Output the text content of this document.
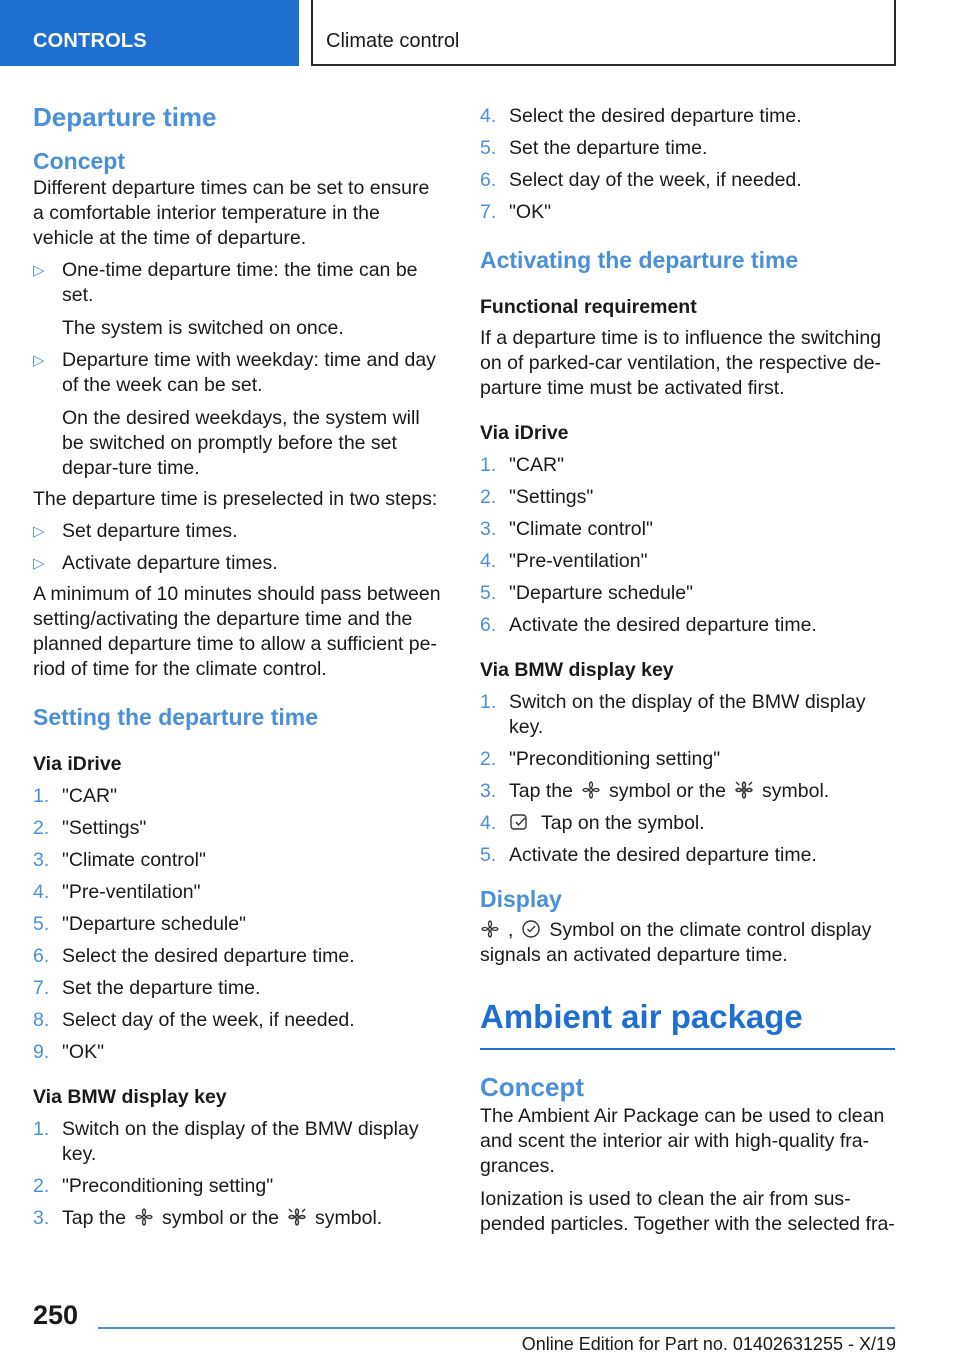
CONTROLS	Climate control
Departure time
Concept

Different departure times can be set to ensure a comfortable interior temperature in the vehicle at the time of departure.

▷ One-time departure time: the time can be set.

The system is switched on once.

▷ Departure time with weekday: time and day of the week can be set.

On the desired weekdays, the system will be switched on promptly before the set depar-ture time.

The departure time is preselected in two steps:

▷ Set departure times.
▷ Activate departure times.

A minimum of 10 minutes should pass between setting/activating the departure time and the planned departure time to allow a sufficient pe-riod of time for the climate control.

Setting the departure time
Via iDrive
1. "CAR"
2. "Settings"
3. "Climate control"
4. "Pre-ventilation"
5. "Departure schedule"
6. Select the desired departure time.
7. Set the departure time.
8. Select day of the week, if needed.
9. "OK"
Via BMW display key
1. Switch on the display of the BMW display key.
2. "Preconditioning setting"
3. Tap the symbol or the symbol.
4. Select the desired departure time.
5. Set the departure time.
6. Select day of the week, if needed.
7. "OK"
Activating the departure time
Functional requirement

If a departure time is to influence the switching on of parked-car ventilation, the respective de-parture time must be activated first.

Via iDrive
1. "CAR"
2. "Settings"
3. "Climate control"
4. "Pre-ventilation"
5. "Departure schedule"
6. Activate the desired departure time.
Via BMW display key
1. Switch on the display of the BMW display key.
2. "Preconditioning setting"
3. Tap the symbol or the symbol.
4. Tap on the symbol.
5. Activate the desired departure time.
Display

, Symbol on the climate control display signals an activated departure time.

Ambient air package
Concept

The Ambient Air Package can be used to clean and scent the interior air with high-quality fra-grances.

Ionization is used to clean the air from sus-pended particles. Together with the selected fra-

250
Online Edition for Part no. 01402631255 - X/19
